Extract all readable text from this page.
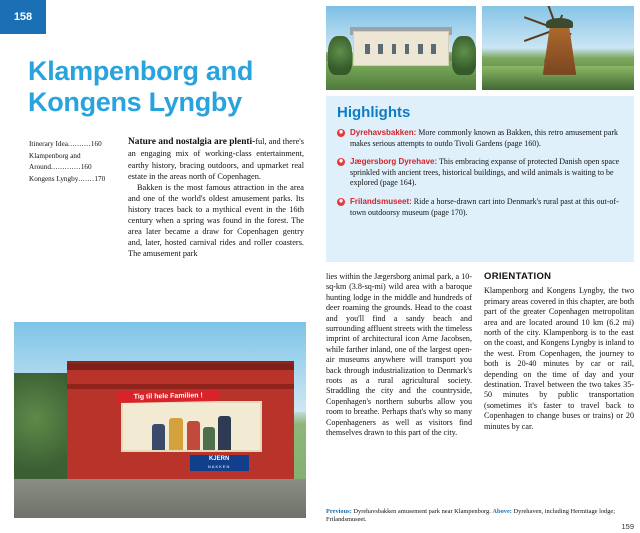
158
Klampenborg and
Kongens Lyngby
Itinerary Idea..........160
Klampenborg and
Around.............160
Kongens Lyngby.......170

Nature and nostalgia are plenti-ful, and there's an engaging mix of working-class entertainment, earthy history, bracing outdoors, and upmarket real estate in the areas north of Copenhagen.

Bakken is the most famous attraction in the area and one of the world's oldest amusement parks. Its history traces back to a mythical event in the 16th century when a spring was found in the forest. The area later became a draw for Copenhagen gentry and, later, hosted carnival rides and roller coasters. The amusement park

Tig til hele Familien !
KJERN
NAKKEN
Highlights
✹ Dyrehavsbakken: More commonly known as Bakken, this retro amusement park makes serious attempts to outdo Tivoli Gardens (page 160).
✹ Jægersborg Dyrehave: This embracing expanse of protected Danish open space sprinkled with ancient trees, historical buildings, and wild animals is waiting to be explored (page 164).
✹ Frilandsmuseet: Ride a horse-drawn cart into Denmark's rural past at this out-of-town outdoorsy museum (page 170).

lies within the Jægersborg animal park, a 10-sq-km (3.8-sq-mi) wild area with a baroque hunting lodge in the middle and hundreds of deer roaming the grounds. Head to the coast and you'll find a sandy beach and surrounding affluent streets with the timeless imprint of architectural icon Arne Jacobsen, while farther inland, one of the largest open-air museums anywhere will transport you back through industrialization to Denmark's roots as a rural agricultural society. Straddling the city and the countryside, Copenhagen's northern suburbs allow you room to breathe. Perhaps that's why so many Copenhageners as well as visitors find themselves drawn to this part of the city.

ORIENTATION

Klampenborg and Kongens Lyngby, the two primary areas covered in this chapter, are both part of the greater Copenhagen metropolitan area and are located around 10 km (6.2 mi) north of the city. Klampenborg is to the east on the coast, and Kongens Lyngby is inland to the west. From Copenhagen, the journey to both is 20-40 minutes by car or rail, depending on the time of day and your destination. Travel between the two takes 35-50 minutes by public transportation (sometimes it's faster to travel back to Copenhagen to change buses or trains) or 20 minutes by car.

Previous: Dyrehavsbakken amusement park near Klampenborg. Above: Dyrehaven, including Hermitage lodge; Frilandsmuseet.
159
